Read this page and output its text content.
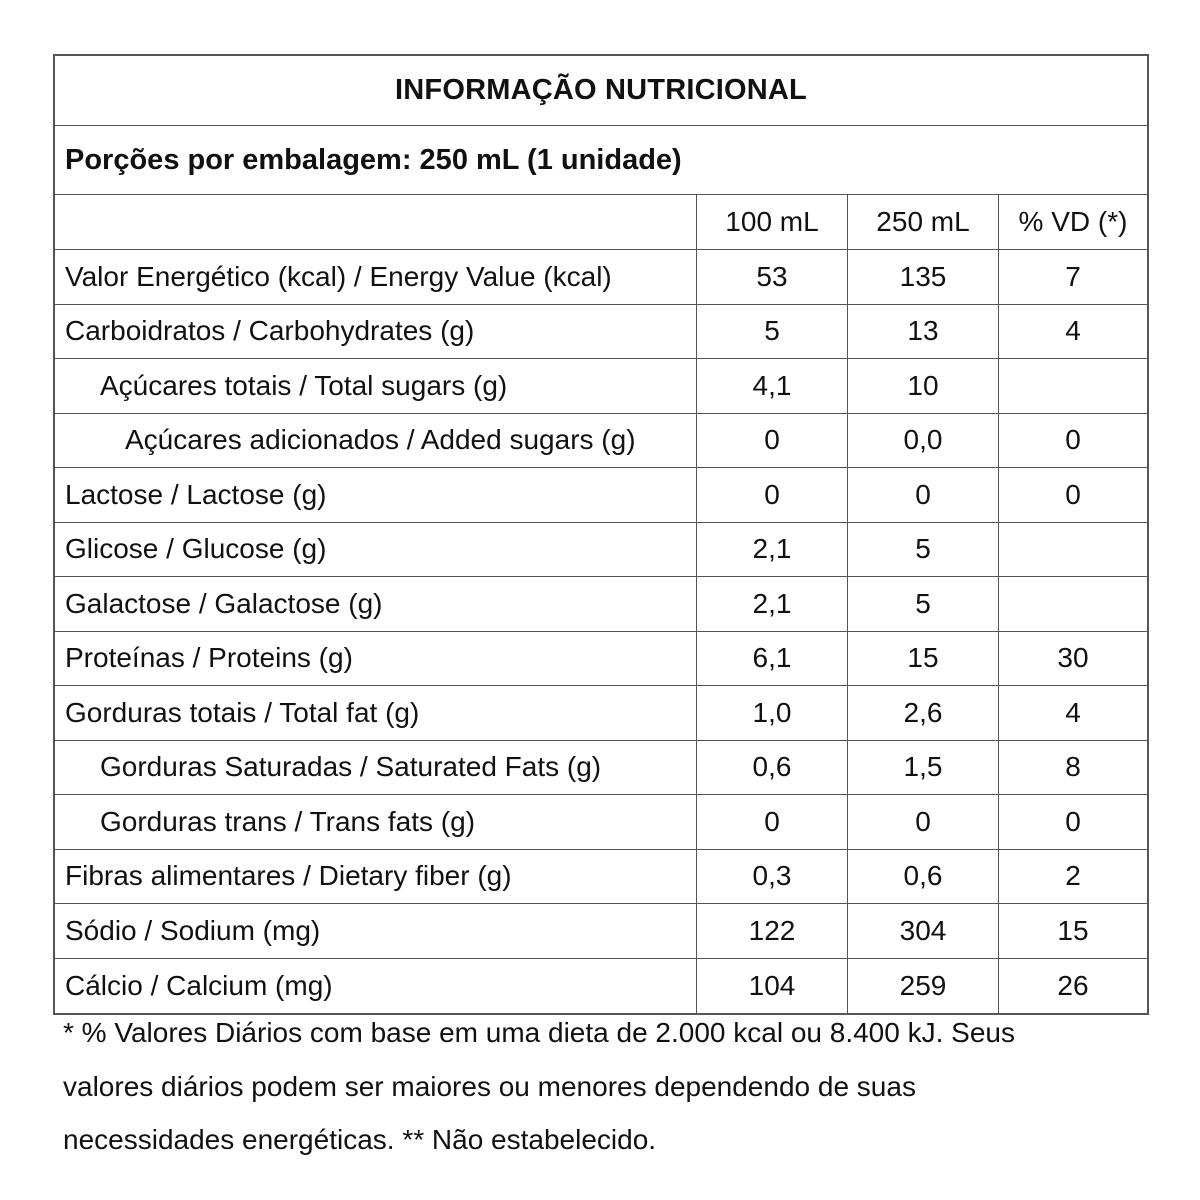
INFORMAÇÃO NUTRICIONAL
Porções por embalagem: 250 mL (1 unidade)
100 mL	250 mL	% VD (*)
Valor Energético (kcal) / Energy Value (kcal)	53	135	7
Carboidratos / Carbohydrates (g)	5	13	4
Açúcares totais / Total sugars (g)	4,1	10
Açúcares adicionados / Added sugars (g)	0	0,0	0
Lactose / Lactose (g)	0	0	0
Glicose / Glucose (g)	2,1	5
Galactose / Galactose (g)	2,1	5
Proteínas / Proteins (g)	6,1	15	30
Gorduras totais / Total fat (g)	1,0	2,6	4
Gorduras Saturadas / Saturated Fats (g)	0,6	1,5	8
Gorduras trans / Trans fats (g)	0	0	0
Fibras alimentares / Dietary fiber (g)	0,3	0,6	2
Sódio / Sodium (mg)	122	304	15
Cálcio / Calcium (mg)	104	259	26
* % Valores Diários com base em uma dieta de 2.000 kcal ou 8.400 kJ. Seus
valores diários podem ser maiores ou menores dependendo de suas
necessidades energéticas. ** Não estabelecido.
